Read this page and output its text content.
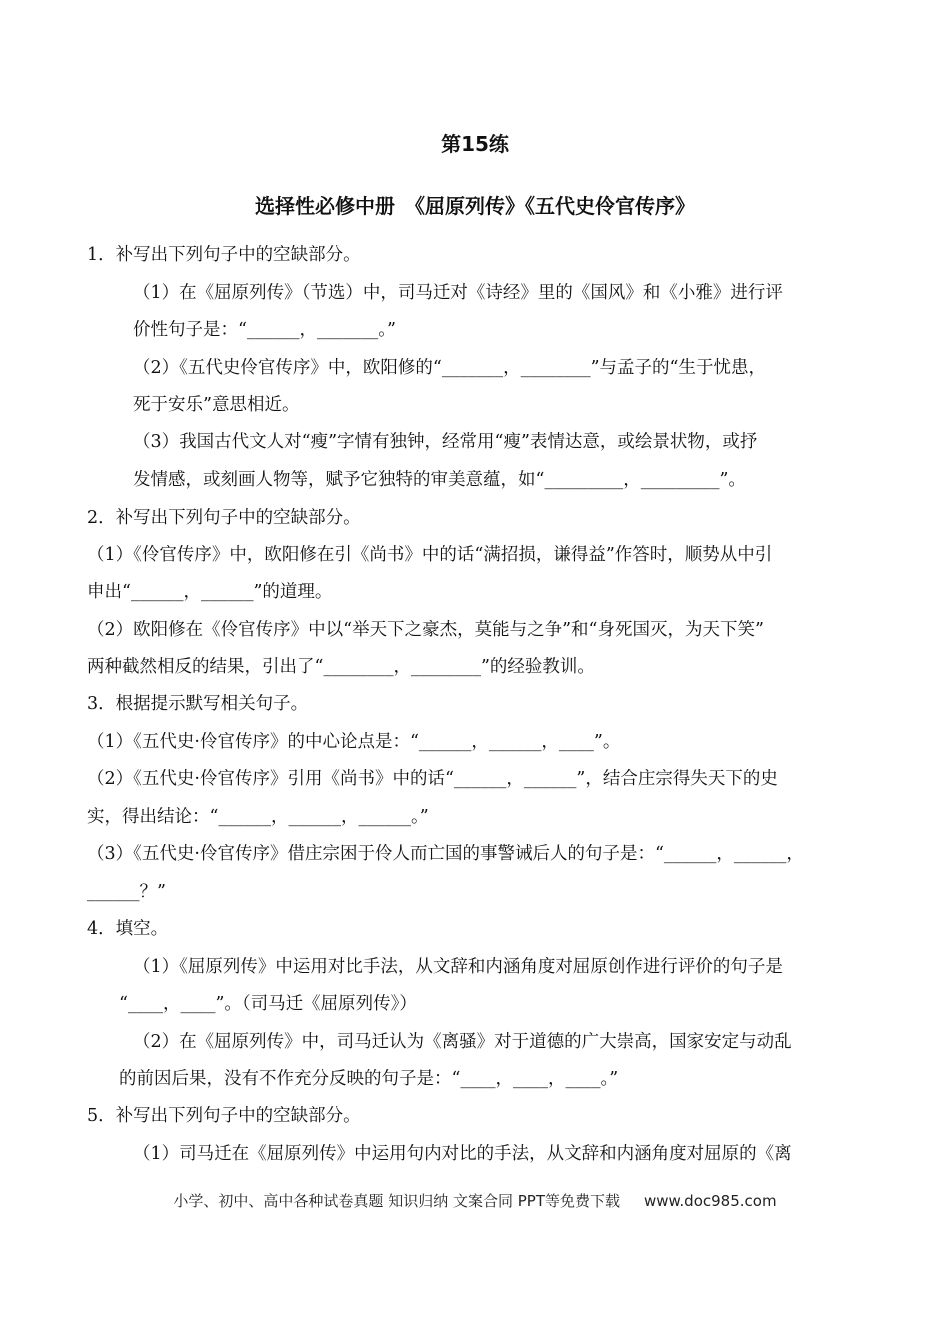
第15练
选择性必修中册　《屈原列传》《五代史伶官传序》
1．补写出下列句子中的空缺部分。
（1）在《屈原列传》（节选）中，司马迁对《诗经》里的《国风》和《小雅》进行评
价性句子是：“______，_______。”
（2）《五代史伶官传序》中，欧阳修的“_______，________”与孟子的“生于忧患，
死于安乐”意思相近。
（3）我国古代文人对“瘦”字情有独钟，经常用“瘦”表情达意，或绘景状物，或抒
发情感，或刻画人物等，赋予它独特的审美意蕴，如“_________，_________”。
2．补写出下列句子中的空缺部分。
（1）《伶官传序》中，欧阳修在引《尚书》中的话“满招损，谦得益”作答时，顺势从中引
申出“______，______”的道理。
（2）欧阳修在《伶官传序》中以“举天下之豪杰，莫能与之争”和“身死国灭，为天下笑”
两种截然相反的结果，引出了“________，________”的经验教训。
3．根据提示默写相关句子。
（1）《五代史·伶官传序》的中心论点是：“______，______，____”。
（2）《五代史·伶官传序》引用《尚书》中的话“______，______”，结合庄宗得失天下的史
实，得出结论：“______，______，______。”
（3）《五代史·伶官传序》借庄宗困于伶人而亡国的事警诫后人的句子是：“______，______，
______？”
4．填空。
（1）《屈原列传》中运用对比手法，从文辞和内涵角度对屈原创作进行评价的句子是
“____，____”。（司马迁《屈原列传》）
（2）在《屈原列传》中，司马迁认为《离骚》对于道德的广大崇高，国家安定与动乱
的前因后果，没有不作充分反映的句子是：“____，____，____。”
5．补写出下列句子中的空缺部分。
（1）司马迁在《屈原列传》中运用句内对比的手法，从文辞和内涵角度对屈原的《离
小学、初中、高中各种试卷真题 知识归纳 文案合同 PPT等免费下载 www.doc985.com
